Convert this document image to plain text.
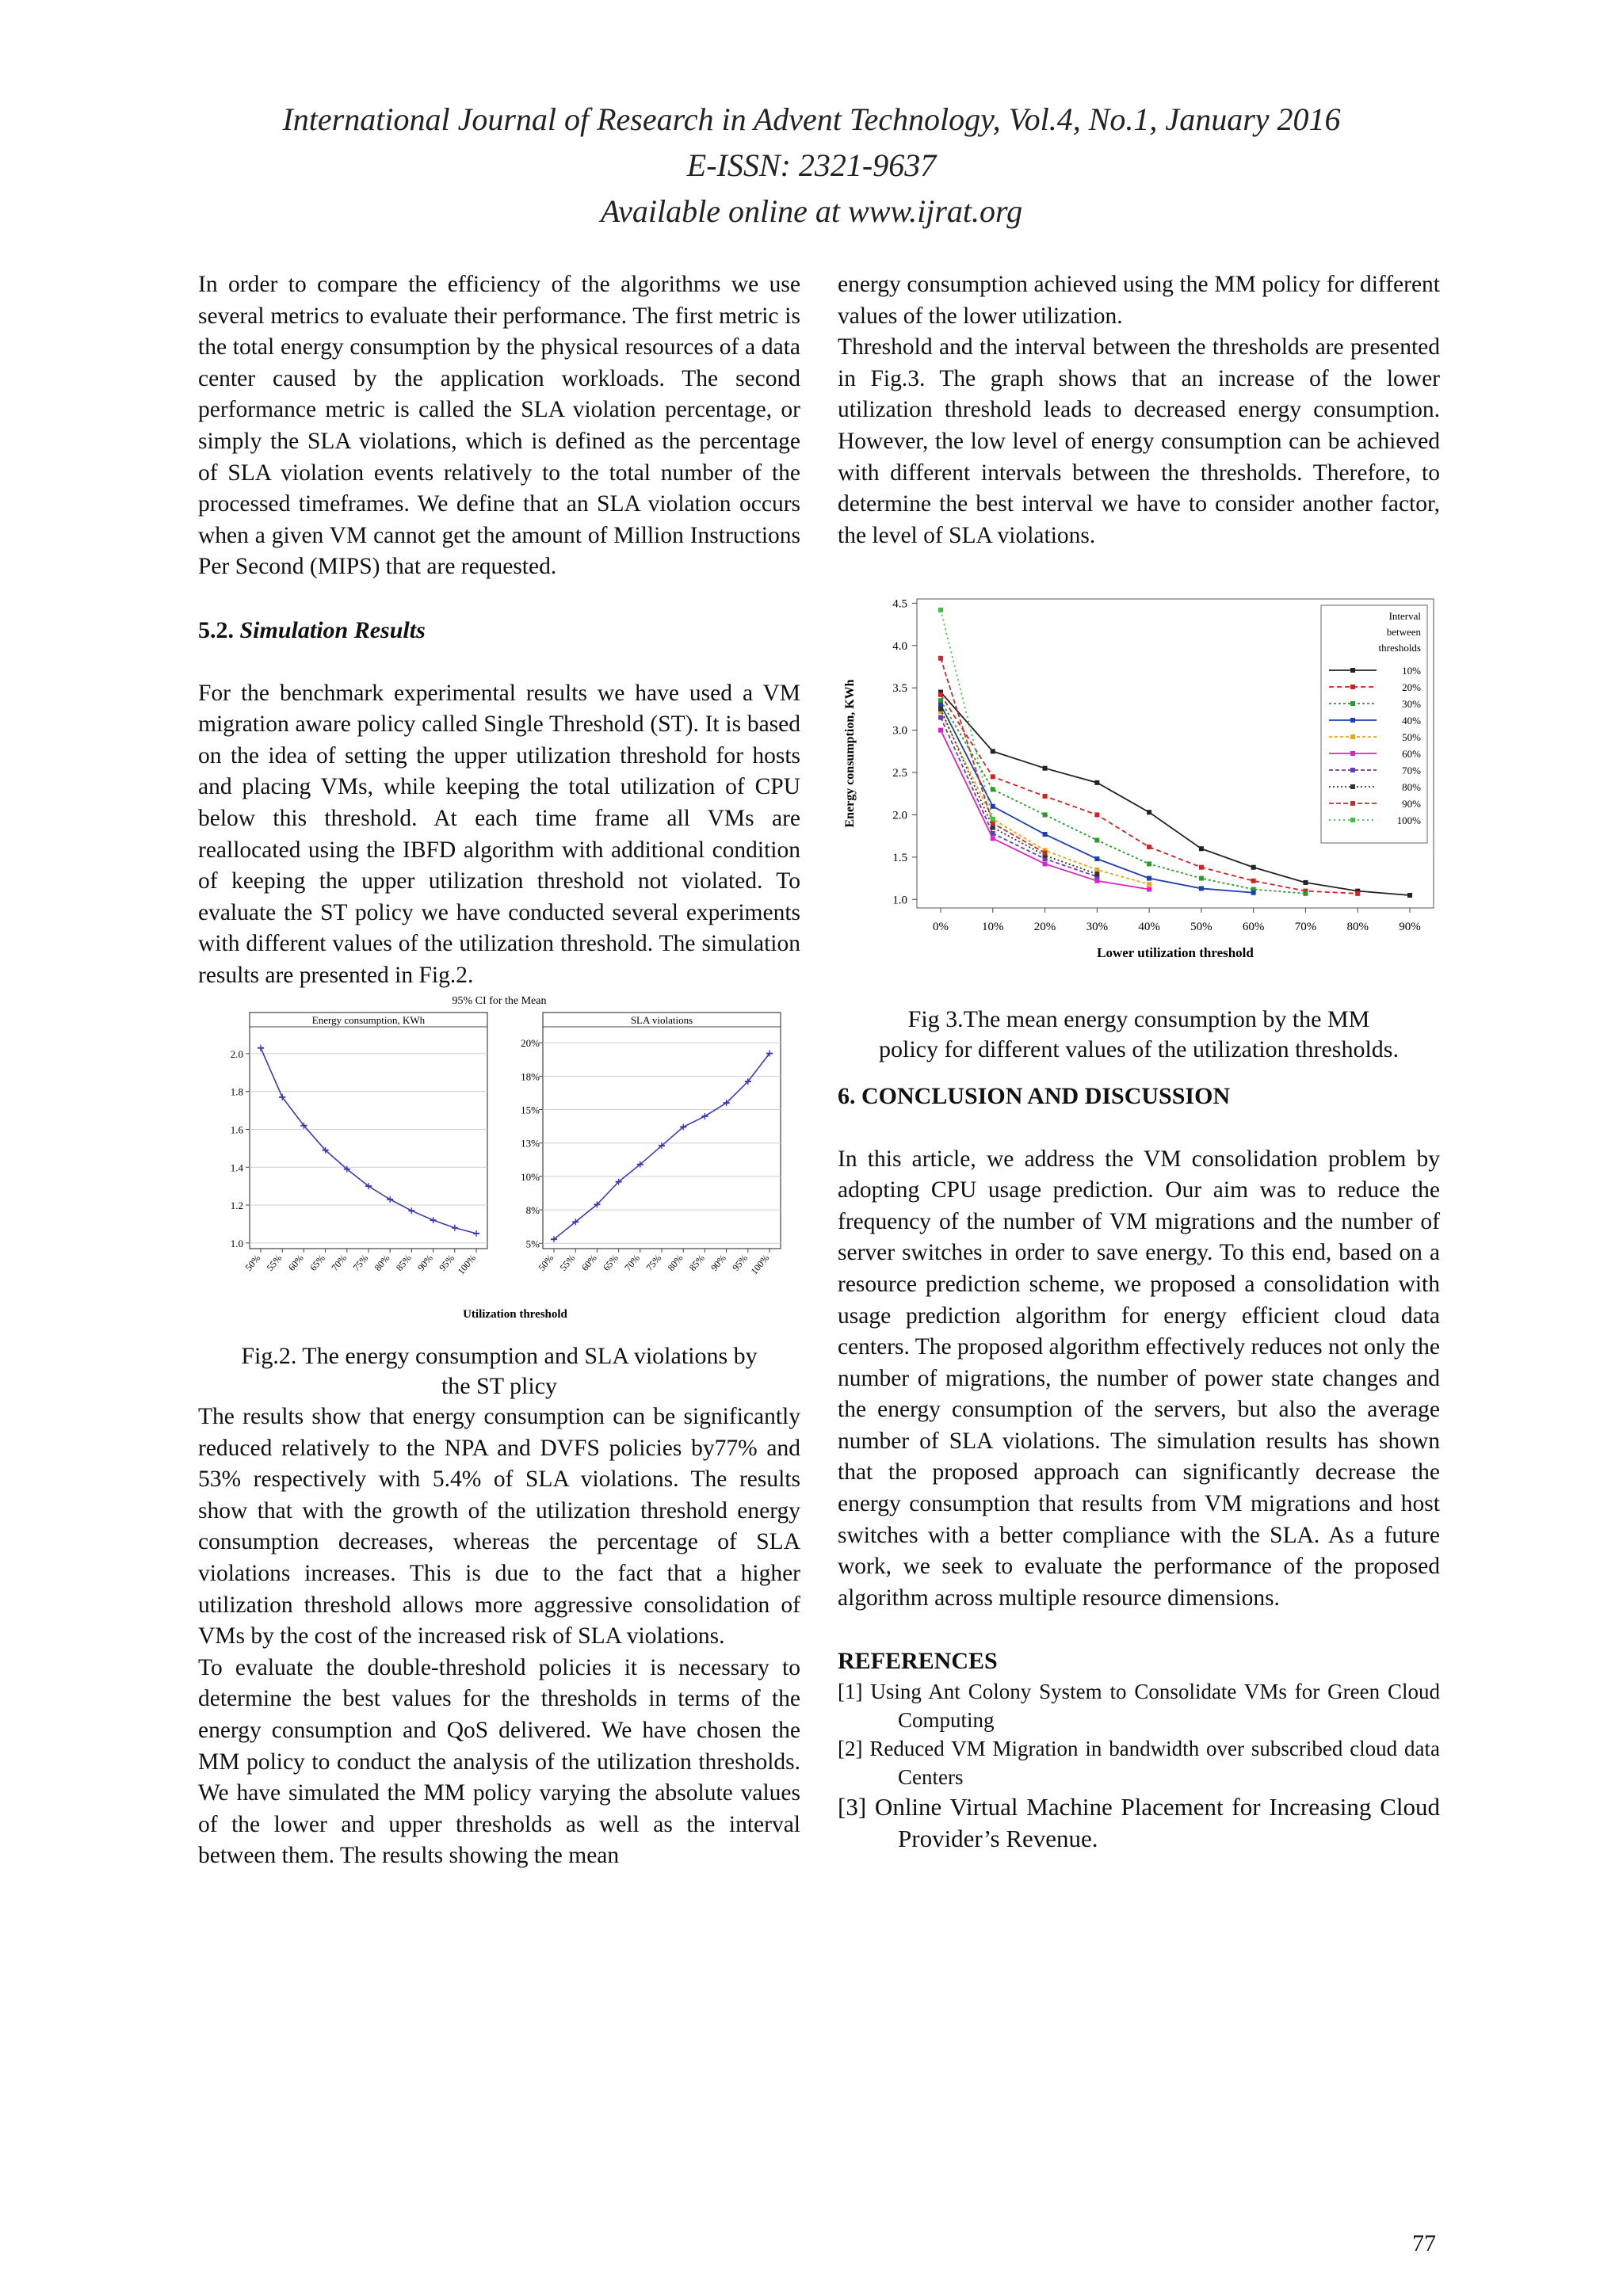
International Journal of Research in Advent Technology, Vol.4, No.1, January 2016
E-ISSN: 2321-9637
Available online at www.ijrat.org

In order to compare the efficiency of the algorithms we use several metrics to evaluate their performance. The first metric is the total energy consumption by the physical resources of a data center caused by the application workloads. The second performance metric is called the SLA violation percentage, or simply the SLA violations, which is defined as the percentage of SLA violation events relatively to the total number of the processed timeframes. We define that an SLA violation occurs when a given VM cannot get the amount of Million Instructions Per Second (MIPS) that are requested.

5.2. Simulation Results

For the benchmark experimental results we have used a VM migration aware policy called Single Threshold (ST). It is based on the idea of setting the upper utilization threshold for hosts and placing VMs, while keeping the total utilization of CPU below this threshold. At each time frame all VMs are reallocated using the IBFD algorithm with additional condition of keeping the upper utilization threshold not violated. To evaluate the ST policy we have conducted several experiments with different values of the utilization threshold. The simulation results are presented in Fig.2.

95% CI for the Mean
Energy consumption, KWh
1.0
1.2
1.4
1.6
1.8
2.0
50% 55% 60% 65% 70% 75% 80% 85% 90% 95%
100%
SLA violations
5%
8%
10%
13%
15%
18%
20%
50% 55% 60% 65% 70% 75% 80% 85% 90% 95%
100%
Utilization threshold

Fig.2. The energy consumption and SLA violations by

the ST plicy

The results show that energy consumption can be significantly reduced relatively to the NPA and DVFS policies by77% and 53% respectively with 5.4% of SLA violations. The results show that with the growth of the utilization threshold energy consumption decreases, whereas the percentage of SLA violations increases. This is due to the fact that a higher utilization threshold allows more aggressive consolidation of VMs by the cost of the increased risk of SLA violations.

To evaluate the double-threshold policies it is necessary to determine the best values for the thresholds in terms of the energy consumption and QoS delivered. We have chosen the MM policy to conduct the analysis of the utilization thresholds. We have simulated the MM policy varying the absolute values of the lower and upper thresholds as well as the interval between them. The results showing the mean

energy consumption achieved using the MM policy for different values of the lower utilization.

Threshold and the interval between the thresholds are presented in Fig.3. The graph shows that an increase of the lower utilization threshold leads to decreased energy consumption. However, the low level of energy consumption can be achieved with different intervals between the thresholds. Therefore, to determine the best interval we have to consider another factor, the level of SLA violations.

1.0
1.5
2.0
2.5
3.0
3.5
4.0
4.5
0%	10%	20%	30%	40%	50%	60%	70%	80%	90%
Energy consumption, KWh
Lower utilization threshold
Interval
between
thresholds
10%
20%
30%
40%
50%
60%
70%
80%
90%
100%

Fig 3.The mean energy consumption by the MM

policy for different values of the utilization thresholds.

6. CONCLUSION AND DISCUSSION

In this article, we address the VM consolidation problem by adopting CPU usage prediction. Our aim was to reduce the frequency of the number of VM migrations and the number of server switches in order to save energy. To this end, based on a resource prediction scheme, we proposed a consolidation with usage prediction algorithm for energy efficient cloud data centers. The proposed algorithm effectively reduces not only the number of migrations, the number of power state changes and the energy consumption of the servers, but also the average number of SLA violations. The simulation results has shown that the proposed approach can significantly decrease the energy consumption that results from VM migrations and host switches with a better compliance with the SLA. As a future work, we seek to evaluate the performance of the proposed algorithm across multiple resource dimensions.

REFERENCES

[1] Using Ant Colony System to Consolidate VMs for Green Cloud Computing

[2] Reduced VM Migration in bandwidth over subscribed cloud data Centers

[3] Online Virtual Machine Placement for Increasing Cloud Provider’s Revenue.

77
